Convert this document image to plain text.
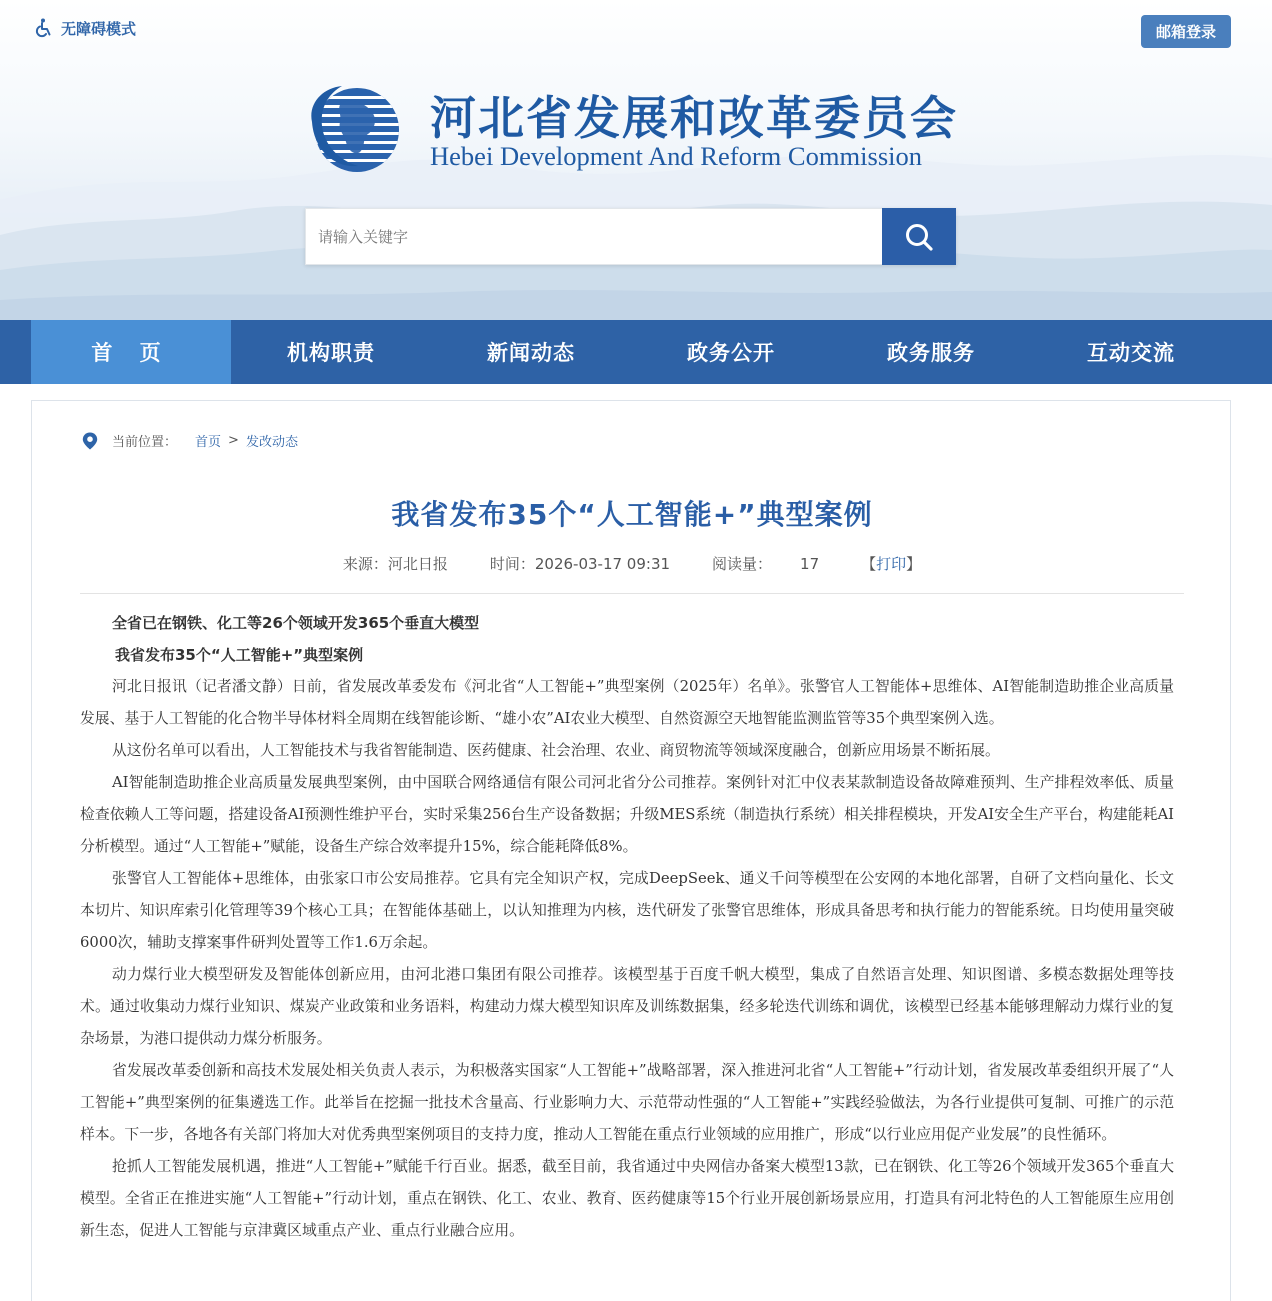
无障碍模式	邮箱登录
河北省发展和改革委员会
Hebei Development And Reform Commission
请输入关键字
首 页	机构职责	新闻动态	政务公开	政务服务	互动交流
当前位置： 首页 > 发改动态
我省发布35个“人工智能+”典型案例
来源：河北日报	时间：2026-03-17 09:31	阅读量： 17	【打印】

全省已在钢铁、化工等26个领域开发365个垂直大模型

我省发布35个“人工智能+”典型案例

河北日报讯（记者潘文静）日前，省发展改革委发布《河北省“人工智能+”典型案例（2025年）名单》。张警官人工智能体+思维体、AI智能制造助推企业高质量发展、基于人工智能的化合物半导体材料全周期在线智能诊断、“雄小农”AI农业大模型、自然资源空天地智能监测监管等35个典型案例入选。

从这份名单可以看出，人工智能技术与我省智能制造、医药健康、社会治理、农业、商贸物流等领域深度融合，创新应用场景不断拓展。

AI智能制造助推企业高质量发展典型案例，由中国联合网络通信有限公司河北省分公司推荐。案例针对汇中仪表某款制造设备故障难预判、生产排程效率低、质量检查依赖人工等问题，搭建设备AI预测性维护平台，实时采集256台生产设备数据；升级MES系统（制造执行系统）相关排程模块，开发AI安全生产平台，构建能耗AI分析模型。通过“人工智能+”赋能，设备生产综合效率提升15%，综合能耗降低8%。

张警官人工智能体+思维体，由张家口市公安局推荐。它具有完全知识产权，完成DeepSeek、通义千问等模型在公安网的本地化部署，自研了文档向量化、长文本切片、知识库索引化管理等39个核心工具；在智能体基础上，以认知推理为内核，迭代研发了张警官思维体，形成具备思考和执行能力的智能系统。日均使用量突破6000次，辅助支撑案事件研判处置等工作1.6万余起。

动力煤行业大模型研发及智能体创新应用，由河北港口集团有限公司推荐。该模型基于百度千帆大模型，集成了自然语言处理、知识图谱、多模态数据处理等技术。通过收集动力煤行业知识、煤炭产业政策和业务语料，构建动力煤大模型知识库及训练数据集，经多轮迭代训练和调优，该模型已经基本能够理解动力煤行业的复杂场景，为港口提供动力煤分析服务。

省发展改革委创新和高技术发展处相关负责人表示，为积极落实国家“人工智能+”战略部署，深入推进河北省“人工智能+”行动计划，省发展改革委组织开展了“人工智能+”典型案例的征集遴选工作。此举旨在挖掘一批技术含量高、行业影响力大、示范带动性强的“人工智能+”实践经验做法，为各行业提供可复制、可推广的示范样本。下一步，各地各有关部门将加大对优秀典型案例项目的支持力度，推动人工智能在重点行业领域的应用推广，形成“以行业应用促产业发展”的良性循环。

抢抓人工智能发展机遇，推进“人工智能+”赋能千行百业。据悉，截至目前，我省通过中央网信办备案大模型13款，已在钢铁、化工等26个领域开发365个垂直大模型。全省正在推进实施“人工智能+”行动计划，重点在钢铁、化工、农业、教育、医药健康等15个行业开展创新场景应用，打造具有河北特色的人工智能原生应用创新生态，促进人工智能与京津冀区域重点产业、重点行业融合应用。
